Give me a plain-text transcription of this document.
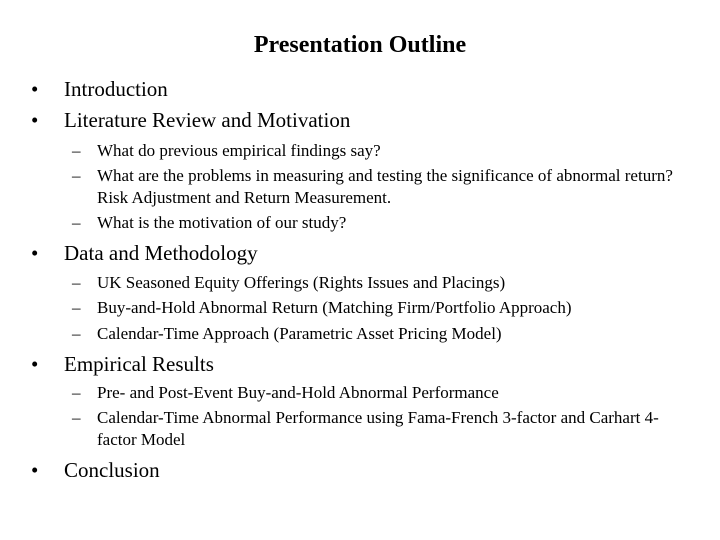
Presentation Outline
• Introduction
• Literature Review and Motivation
– What do previous empirical findings say?
– What are the problems in measuring and testing the significance of abnormal return? Risk Adjustment and Return Measurement.
– What is the motivation of our study?
• Data and Methodology
– UK Seasoned Equity Offerings (Rights Issues and Placings)
– Buy-and-Hold Abnormal Return (Matching Firm/Portfolio Approach)
– Calendar-Time Approach (Parametric Asset Pricing Model)
• Empirical Results
– Pre- and Post-Event Buy-and-Hold Abnormal Performance
– Calendar-Time Abnormal Performance using Fama-French 3-factor and Carhart 4-factor Model
• Conclusion
